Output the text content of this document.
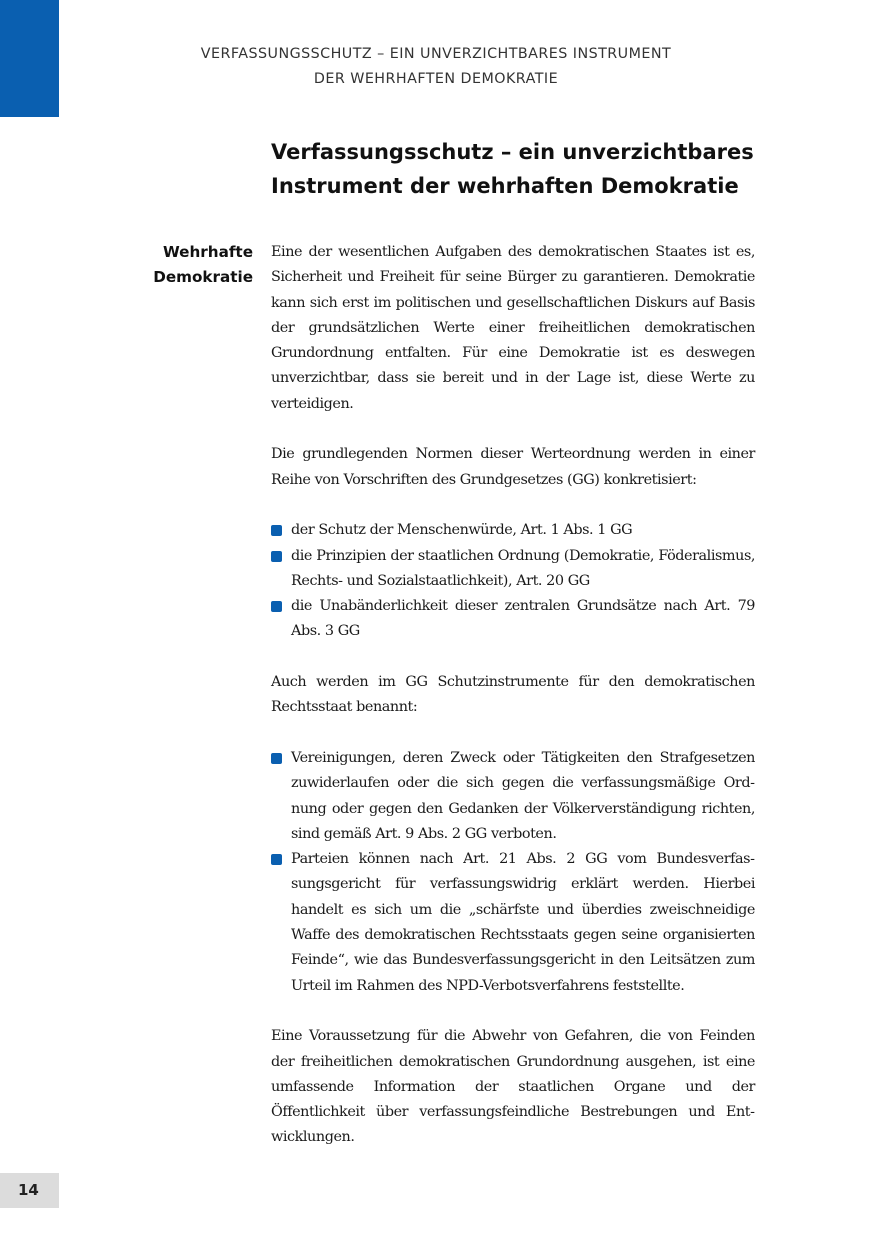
VERFASSUNGSSCHUTZ – EIN UNVERZICHTBARES INSTRUMENT
DER WEHRHAFTEN DEMOKRATIE
Verfassungsschutz – ein unverzichtbares
Instrument der wehrhaften Demokratie
Wehrhafte
Demokratie

Eine der wesentlichen Aufgaben des demokratischen Staates ist es, Sicherheit und Freiheit für seine Bürger zu garantieren. Demokratie kann sich erst im politischen und gesellschaftlichen Diskurs auf Basis der grundsätzlichen Werte einer freiheitlichen demokratischen Grundordnung entfalten. Für eine Demokratie ist es deswegen unverzichtbar, dass sie bereit und in der Lage ist, diese Werte zu verteidigen.

Die grundlegenden Normen dieser Werteordnung werden in einer Reihe von Vorschriften des Grundgesetzes (GG) konkretisiert:

der Schutz der Menschenwürde, Art. 1 Abs. 1 GG
die Prinzipien der staatlichen Ordnung (Demokratie, Föderalismus, Rechts- und Sozialstaatlichkeit), Art. 20 GG
die Unabänderlichkeit dieser zentralen Grundsätze nach Art. 79 Abs. 3 GG

Auch werden im GG Schutzinstrumente für den demokratischen Rechtsstaat benannt:

Vereinigungen, deren Zweck oder Tätigkeiten den Strafgesetzen zuwiderlaufen oder die sich gegen die verfassungsmäßige Ordnung oder gegen den Gedanken der Völkerverständigung richten, sind gemäß Art. 9 Abs. 2 GG verboten.
Parteien können nach Art. 21 Abs. 2 GG vom Bundesverfassungsgericht für verfassungswidrig erklärt werden. Hierbei handelt es sich um die „schärfste und überdies zweischneidige Waffe des demokratischen Rechtsstaats gegen seine organisierten Feinde“, wie das Bundesverfassungsgericht in den Leitsätzen zum Urteil im Rahmen des NPD-Verbotsverfahrens feststellte.

Eine Voraussetzung für die Abwehr von Gefahren, die von Feinden der freiheitlichen demokratischen Grundordnung ausgehen, ist eine umfassende Information der staatlichen Organe und der Öffentlichkeit über verfassungsfeindliche Bestrebungen und Entwicklungen.

14
